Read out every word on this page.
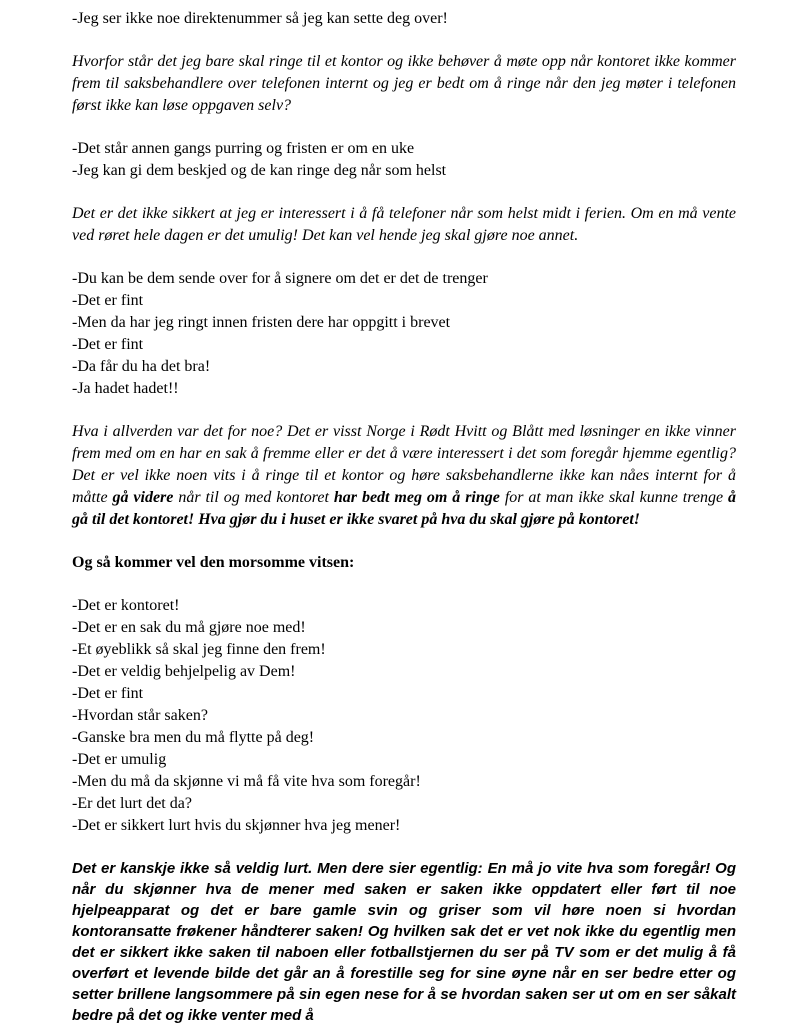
-Jeg ser ikke noe direktenummer så jeg kan sette deg over!

Hvorfor står det jeg bare skal ringe til et kontor og ikke behøver å møte opp når kontoret ikke kommer frem til saksbehandlere over telefonen internt og jeg er bedt om å ringe når den jeg møter i telefonen først ikke kan løse oppgaven selv?

-Det står annen gangs purring og fristen er om en uke
-Jeg kan gi dem beskjed og de kan ringe deg når som helst

Det er det ikke sikkert at jeg er interessert i å få telefoner når som helst midt i ferien. Om en må vente ved røret hele dagen er det umulig! Det kan vel hende jeg skal gjøre noe annet.

-Du kan be dem sende over for å signere om det er det de trenger
-Det er fint
-Men da har jeg ringt innen fristen dere har oppgitt i brevet
-Det er fint
-Da får du ha det bra!
-Ja hadet hadet!!

Hva i allverden var det for noe? Det er visst Norge i Rødt Hvitt og Blått med løsninger en ikke vinner frem med om en har en sak å fremme eller er det å være interessert i det som foregår hjemme egentlig? Det er vel ikke noen vits i å ringe til et kontor og høre saksbehandlerne ikke kan nåes internt for å måtte gå videre når til og med kontoret har bedt meg om å ringe for at man ikke skal kunne trenge å gå til det kontoret! Hva gjør du i huset er ikke svaret på hva du skal gjøre på kontoret!

Og så kommer vel den morsomme vitsen:
-Det er kontoret!
-Det er en sak du må gjøre noe med!
-Et øyeblikk så skal jeg finne den frem!
-Det er veldig behjelpelig av Dem!
-Det er fint
-Hvordan står saken?
-Ganske bra men du må flytte på deg!
-Det er umulig
-Men du må da skjønne vi må få vite hva som foregår!
-Er det lurt det da?
-Det er sikkert lurt hvis du skjønner hva jeg mener!

Det er kanskje ikke så veldig lurt. Men dere sier egentlig: En må jo vite hva som foregår! Og når du skjønner hva de mener med saken er saken ikke oppdatert eller ført til noe hjelpeapparat og det er bare gamle svin og griser som vil høre noen si hvordan kontoransatte frøkener håndterer saken! Og hvilken sak det er vet nok ikke du egentlig men det er sikkert ikke saken til naboen eller fotballstjernen du ser på TV som er det mulig å få overført et levende bilde det går an å forestille seg for sine øyne når en ser bedre etter og setter brillene langsommere på sin egen nese for å se hvordan saken ser ut om en ser såkalt bedre på det og ikke venter med å
